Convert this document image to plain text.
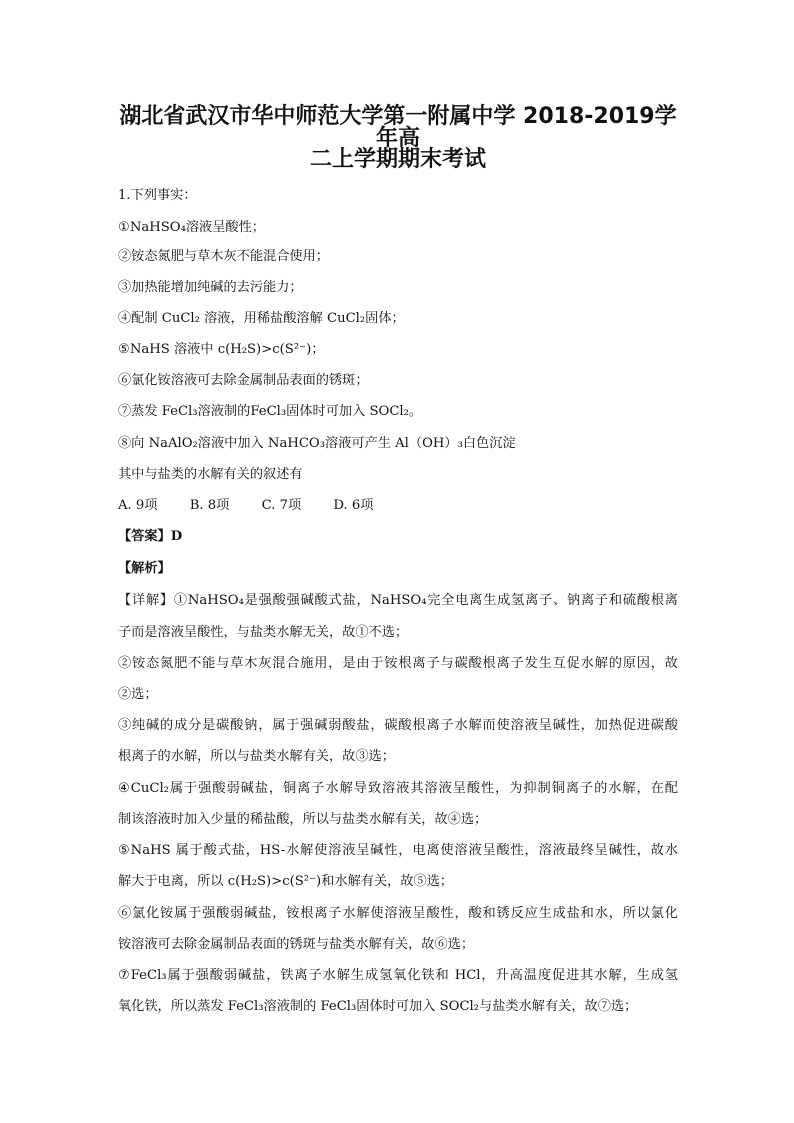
湖北省武汉市华中师范大学第一附属中学 2018-2019学年高
二上学期期末考试
1.下列事实：
①NaHSO₄溶液呈酸性；
②铵态氮肥与草木灰不能混合使用；
③加热能增加纯碱的去污能力；
④配制 CuCl₂ 溶液，用稀盐酸溶解 CuCl₂固体；
⑤NaHS 溶液中 c(H₂S)>c(S²⁻)；
⑥氯化铵溶液可去除金属制品表面的锈斑；
⑦蒸发 FeCl₃溶液制的FeCl₃固体时可加入 SOCl₂。
⑧向 NaAlO₂溶液中加入 NaHCO₃溶液可产生 Al（OH）₃白色沉淀
其中与盐类的水解有关的叙述有
A. 9项 B. 8项 C. 7项 D. 6项
【答案】D
【解析】
【详解】①NaHSO₄是强酸强碱酸式盐，NaHSO₄完全电离生成氢离子、钠离子和硫酸根离
子而是溶液呈酸性，与盐类水解无关，故①不选；
②铵态氮肥不能与草木灰混合施用，是由于铵根离子与碳酸根离子发生互促水解的原因，故
②选；
③纯碱的成分是碳酸钠，属于强碱弱酸盐，碳酸根离子水解而使溶液呈碱性，加热促进碳酸
根离子的水解，所以与盐类水解有关，故③选；
④CuCl₂属于强酸弱碱盐，铜离子水解导致溶液其溶液呈酸性，为抑制铜离子的水解，在配
制该溶液时加入少量的稀盐酸，所以与盐类水解有关，故④选；
⑤NaHS 属于酸式盐，HS-水解使溶液呈碱性，电离使溶液呈酸性，溶液最终呈碱性，故水
解大于电离，所以 c(H₂S)>c(S²⁻)和水解有关，故⑤选；
⑥氯化铵属于强酸弱碱盐，铵根离子水解使溶液呈酸性，酸和锈反应生成盐和水，所以氯化
铵溶液可去除金属制品表面的锈斑与盐类水解有关，故⑥选；
⑦FeCl₃属于强酸弱碱盐，铁离子水解生成氢氧化铁和 HCl，升高温度促进其水解，生成氢
氧化铁，所以蒸发 FeCl₃溶液制的 FeCl₃固体时可加入 SOCl₂与盐类水解有关，故⑦选；
